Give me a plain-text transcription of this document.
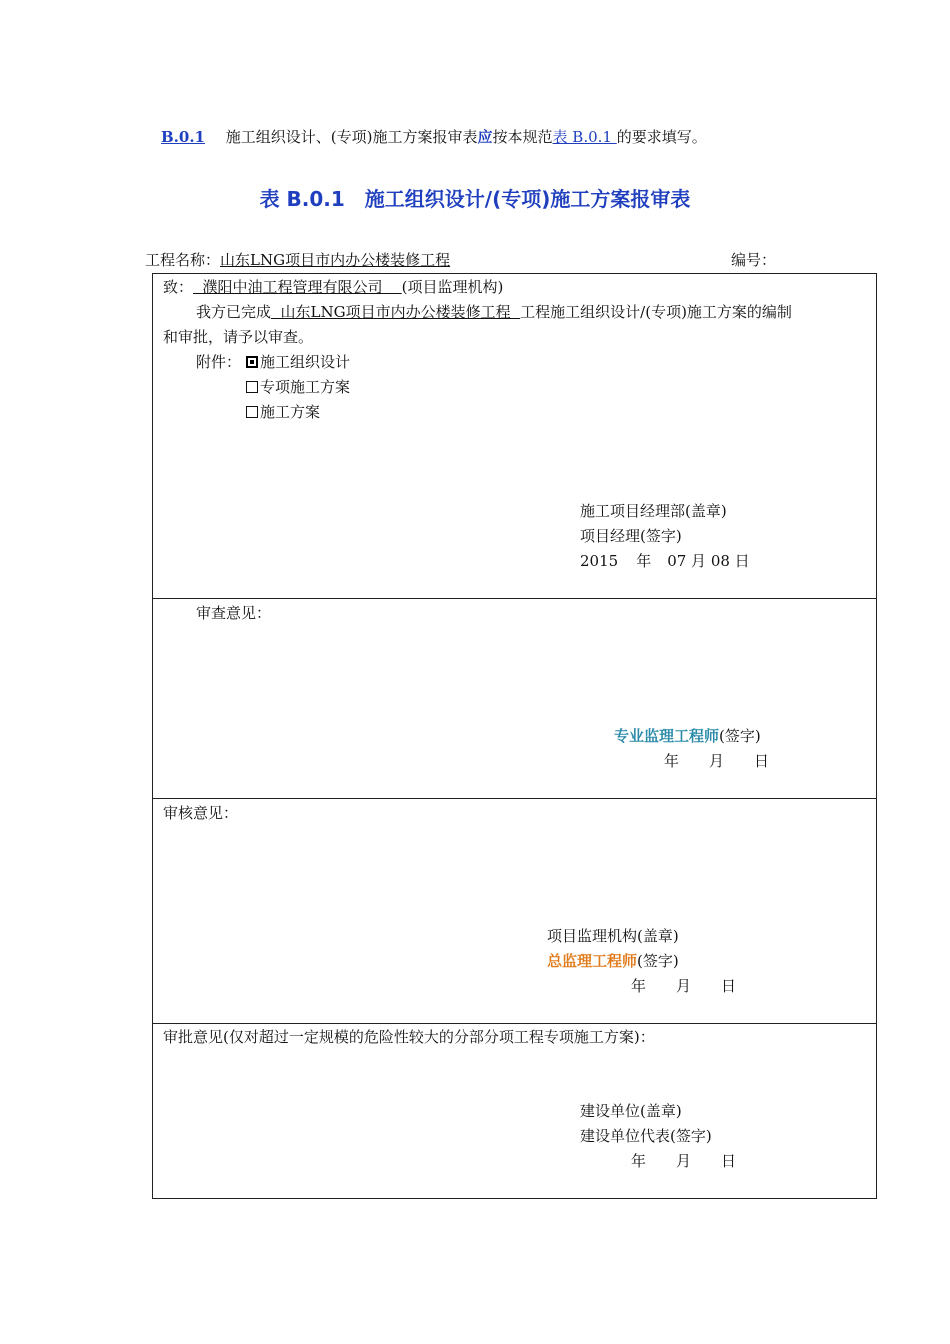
B.0.1 施工组织设计、(专项)施工方案报审表应按本规范表 B.0.1 的要求填写。
表 B.0.1　施工组织设计/(专项)施工方案报审表
工程名称：山东LNG项目市内办公楼装修工程	编号：
致：  濮阳中油工程管理有限公司    (项目监理机构)
我方已完成  山东LNG项目市内办公楼装修工程  工程施工组织设计/(专项)施工方案的编制
和审批，请予以审查。
附件：	施工组织设计
专项施工方案
施工方案
施工项目经理部(盖章)
项目经理(签字)
2015 年 07 月 08 日
审查意见：
专业监理工程师(签字)
年　　月　　日
审核意见：
项目监理机构(盖章)
总监理工程师(签字)
年　　月　　日
审批意见(仅对超过一定规模的危险性较大的分部分项工程专项施工方案)：
建设单位(盖章)
建设单位代表(签字)
年　　月　　日
